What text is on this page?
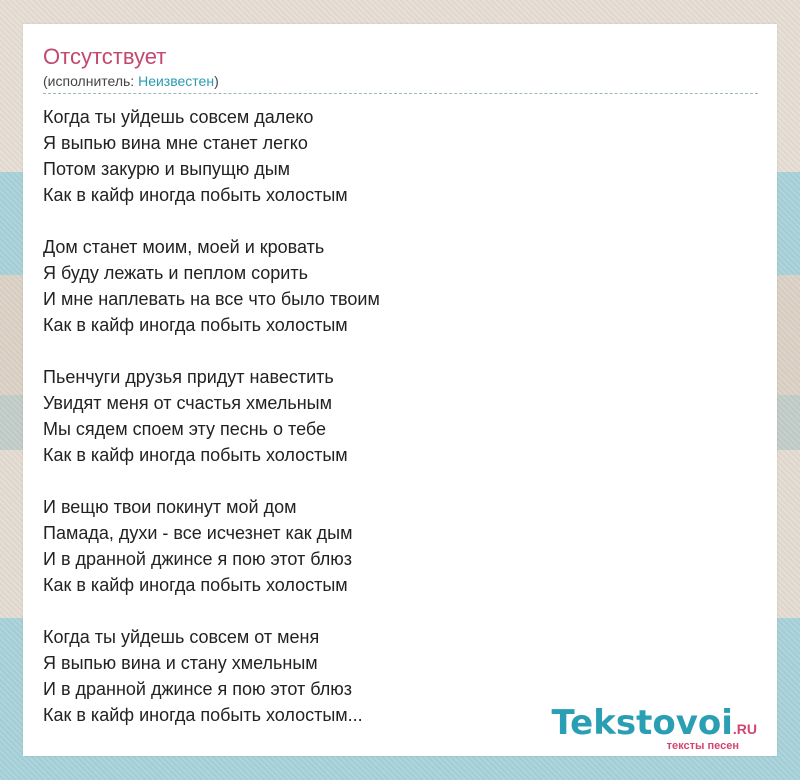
Отсутствует
(исполнитель: Неизвестен)
Когда ты уйдешь совсем далеко
Я выпью вина мне станет легко
Потом закурю и выпущю дым
Как в кайф иногда побыть холостым
Дом станет моим, моей и кровать
Я буду лежать и пеплом сорить
И мне наплевать на все что было твоим
Как в кайф иногда побыть холостым
Пьенчуги друзья придут навестить
Увидят меня от счастья хмельным
Мы сядем споем эту песнь о тебе
Как в кайф иногда побыть холостым
И вещю твои покинут мой дом
Памада, духи - все исчезнет как дым
И в дранной джинсе я пою этот блюз
Как в кайф иногда побыть холостым
Когда ты уйдешь совсем от меня
Я выпью вина и стану хмельным
И в дранной джинсе я пою этот блюз
Как в кайф иногда побыть холостым...	Tekstovoi.RU
тексты песен
